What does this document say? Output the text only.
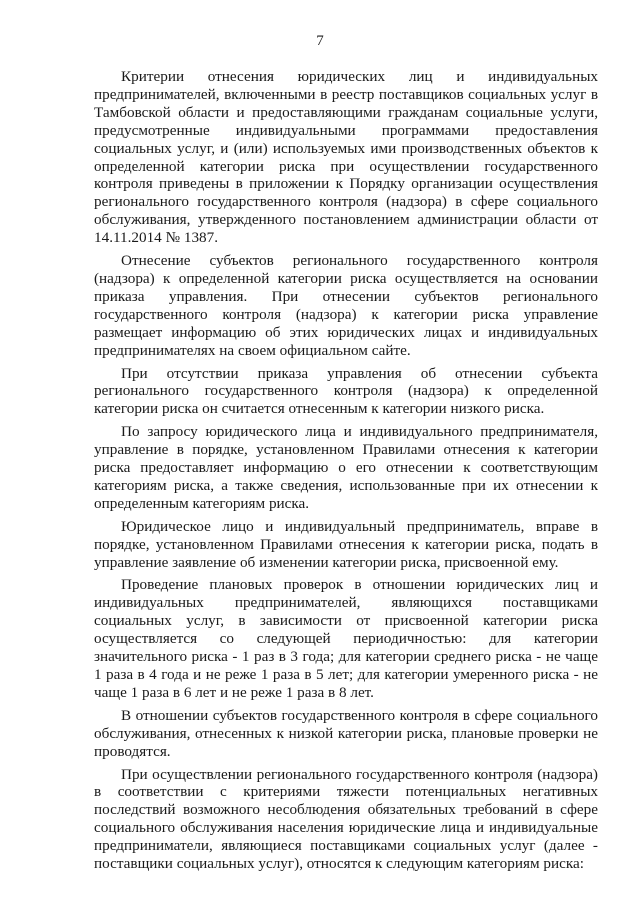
7

Критерии отнесения юридических лиц и индивидуальных предпринимателей, включенными в реестр поставщиков социальных услуг в Тамбовской области и предоставляющими гражданам социальные услуги, предусмотренные индивидуальными программами предоставления социальных услуг, и (или) используемых ими производственных объектов к определенной категории риска при осуществлении государственного контроля приведены в приложении к Порядку организации осуществления регионального государственного контроля (надзора) в сфере социального обслуживания, утвержденного постановлением администрации области от 14.11.2014 № 1387.

Отнесение субъектов регионального государственного контроля (надзора) к определенной категории риска осуществляется на основании приказа управления. При отнесении субъектов регионального государственного контроля (надзора) к категории риска управление размещает информацию об этих юридических лицах и индивидуальных предпринимателях на своем официальном сайте.

При отсутствии приказа управления об отнесении субъекта регионального государственного контроля (надзора) к определенной категории риска он считается отнесенным к категории низкого риска.

По запросу юридического лица и индивидуального предпринимателя, управление в порядке, установленном Правилами отнесения к категории риска предоставляет информацию о его отнесении к соответствующим категориям риска, а также сведения, использованные при их отнесении к определенным категориям риска.

Юридическое лицо и индивидуальный предприниматель, вправе в порядке, установленном Правилами отнесения к категории риска, подать в управление заявление об изменении категории риска, присвоенной ему.

Проведение плановых проверок в отношении юридических лиц и индивидуальных предпринимателей, являющихся поставщиками социальных услуг, в зависимости от присвоенной категории риска осуществляется со следующей периодичностью: для категории значительного риска - 1 раз в 3 года; для категории среднего риска - не чаще 1 раза в 4 года и не реже 1 раза в 5 лет; для категории умеренного риска - не чаще 1 раза в 6 лет и не реже 1 раза в 8 лет.

В отношении субъектов государственного контроля в сфере социального обслуживания, отнесенных к низкой категории риска, плановые проверки не проводятся.

При осуществлении регионального государственного контроля (надзора) в соответствии с критериями тяжести потенциальных негативных последствий возможного несоблюдения обязательных требований в сфере социального обслуживания населения юридические лица и индивидуальные предприниматели, являющиеся поставщиками социальных услуг (далее - поставщики социальных услуг), относятся к следующим категориям риска:
